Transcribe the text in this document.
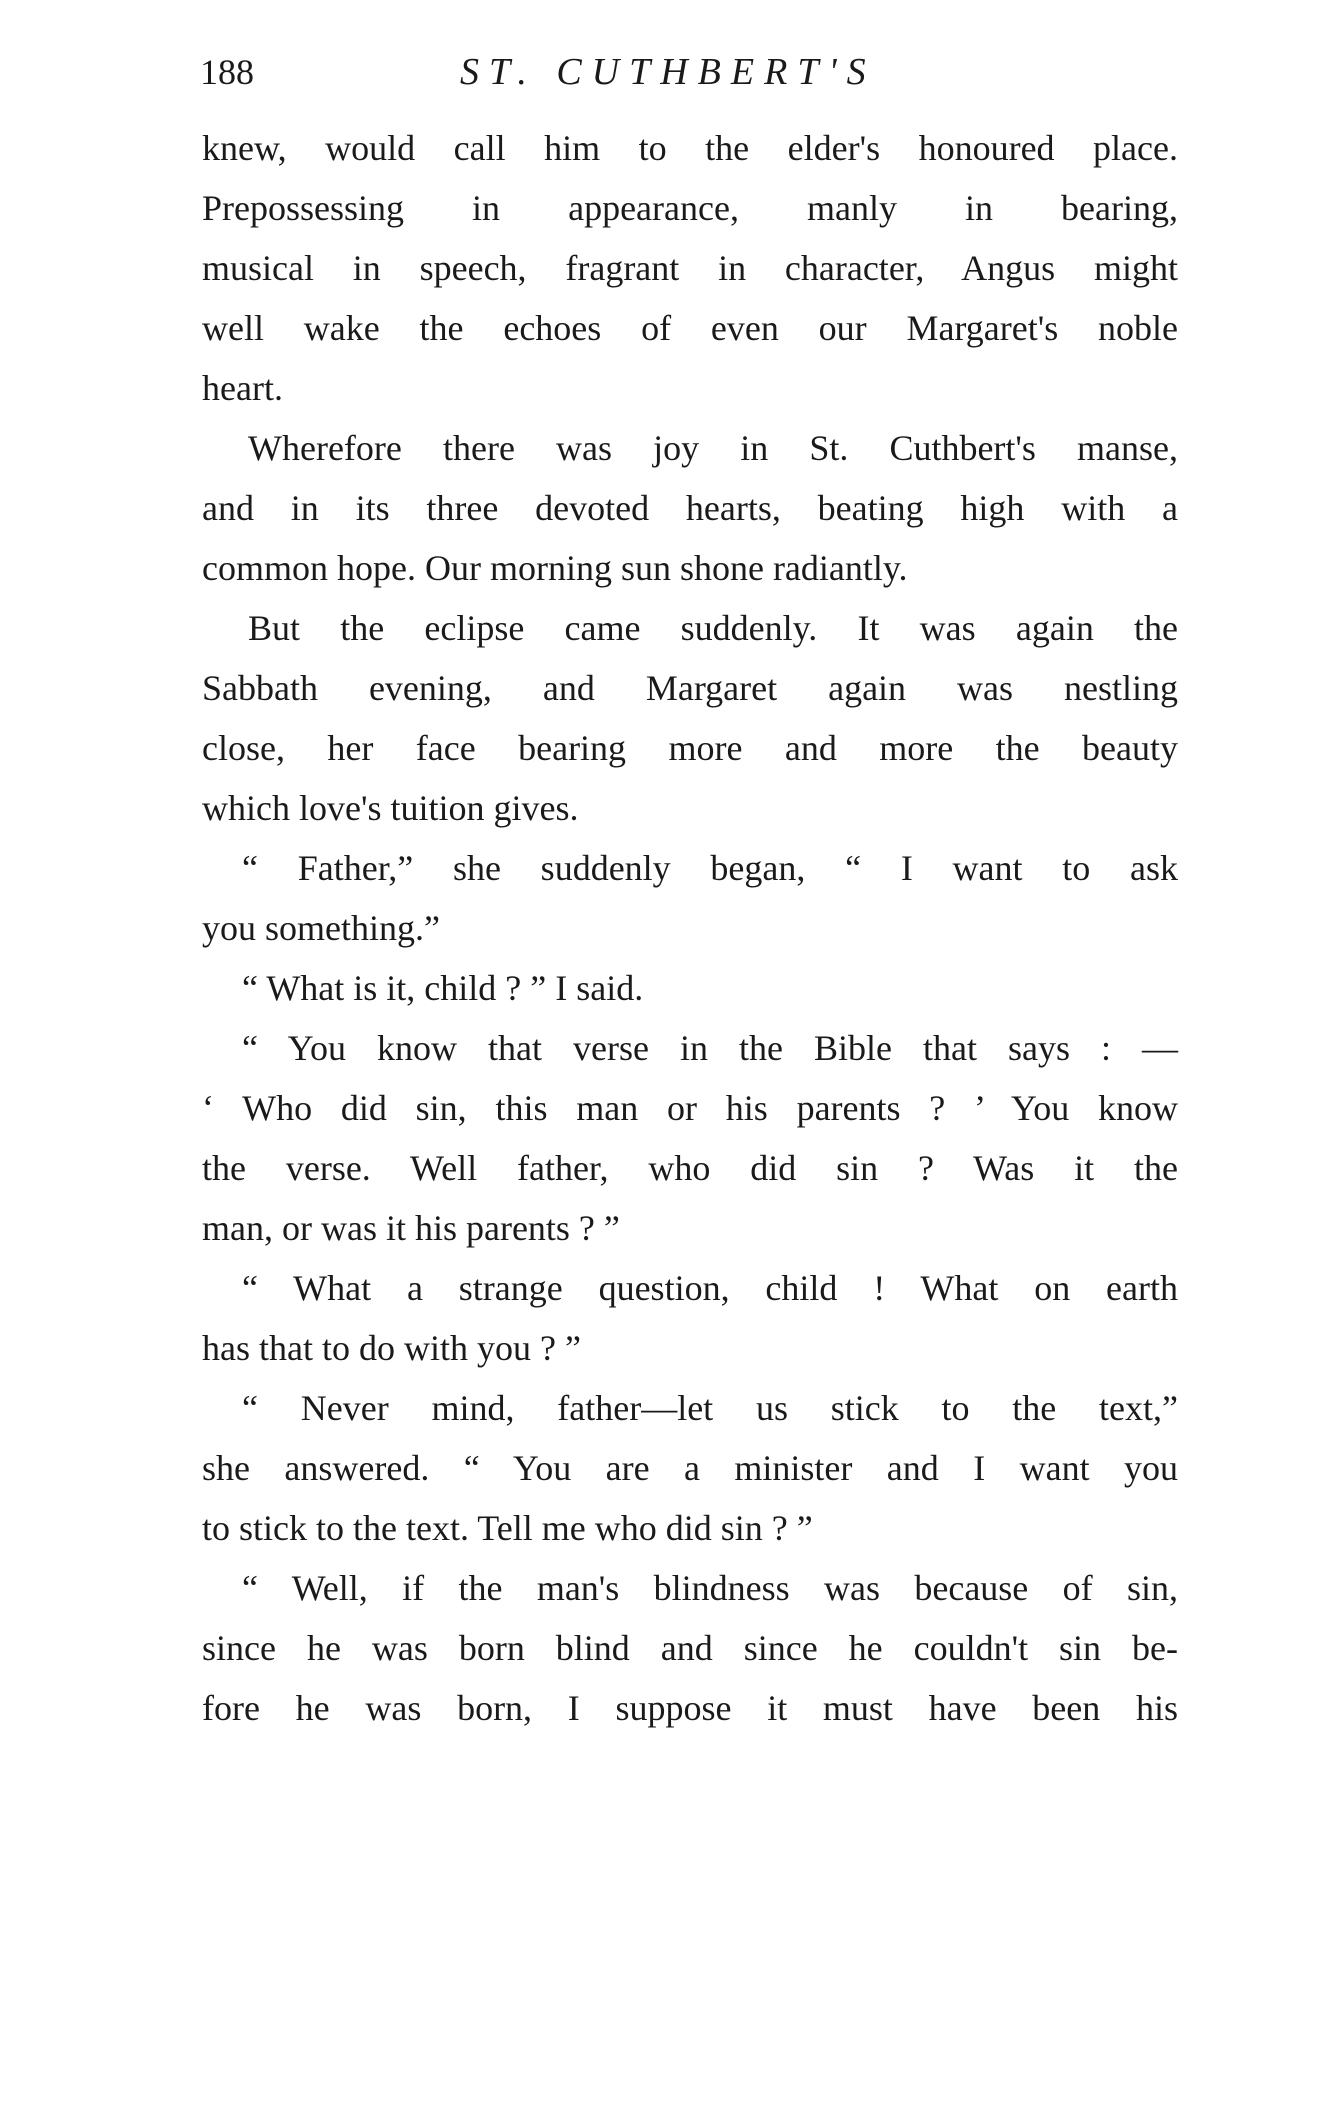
188	ST. CUTHBERT'S
knew, would call him to the elder's honoured place.
Prepossessing in appearance, manly in bearing,
musical in speech, fragrant in character, Angus might
well wake the echoes of even our Margaret's noble
heart.
Wherefore there was joy in St. Cuthbert's manse,
and in its three devoted hearts, beating high with a
common hope. Our morning sun shone radiantly.
But the eclipse came suddenly. It was again the
Sabbath evening, and Margaret again was nestling
close, her face bearing more and more the beauty
which love's tuition gives.
“ Father,” she suddenly began, “ I want to ask
you something.”
“ What is it, child ? ” I said.
“ You know that verse in the Bible that says : —
‘ Who did sin, this man or his parents ? ’ You know
the verse. Well father, who did sin ? Was it the
man, or was it his parents ? ”
“ What a strange question, child ! What on earth
has that to do with you ? ”
“ Never mind, father—let us stick to the text,”
she answered. “ You are a minister and I want you
to stick to the text. Tell me who did sin ? ”
“ Well, if the man's blindness was because of sin,
since he was born blind and since he couldn't sin be-
fore he was born, I suppose it must have been his
